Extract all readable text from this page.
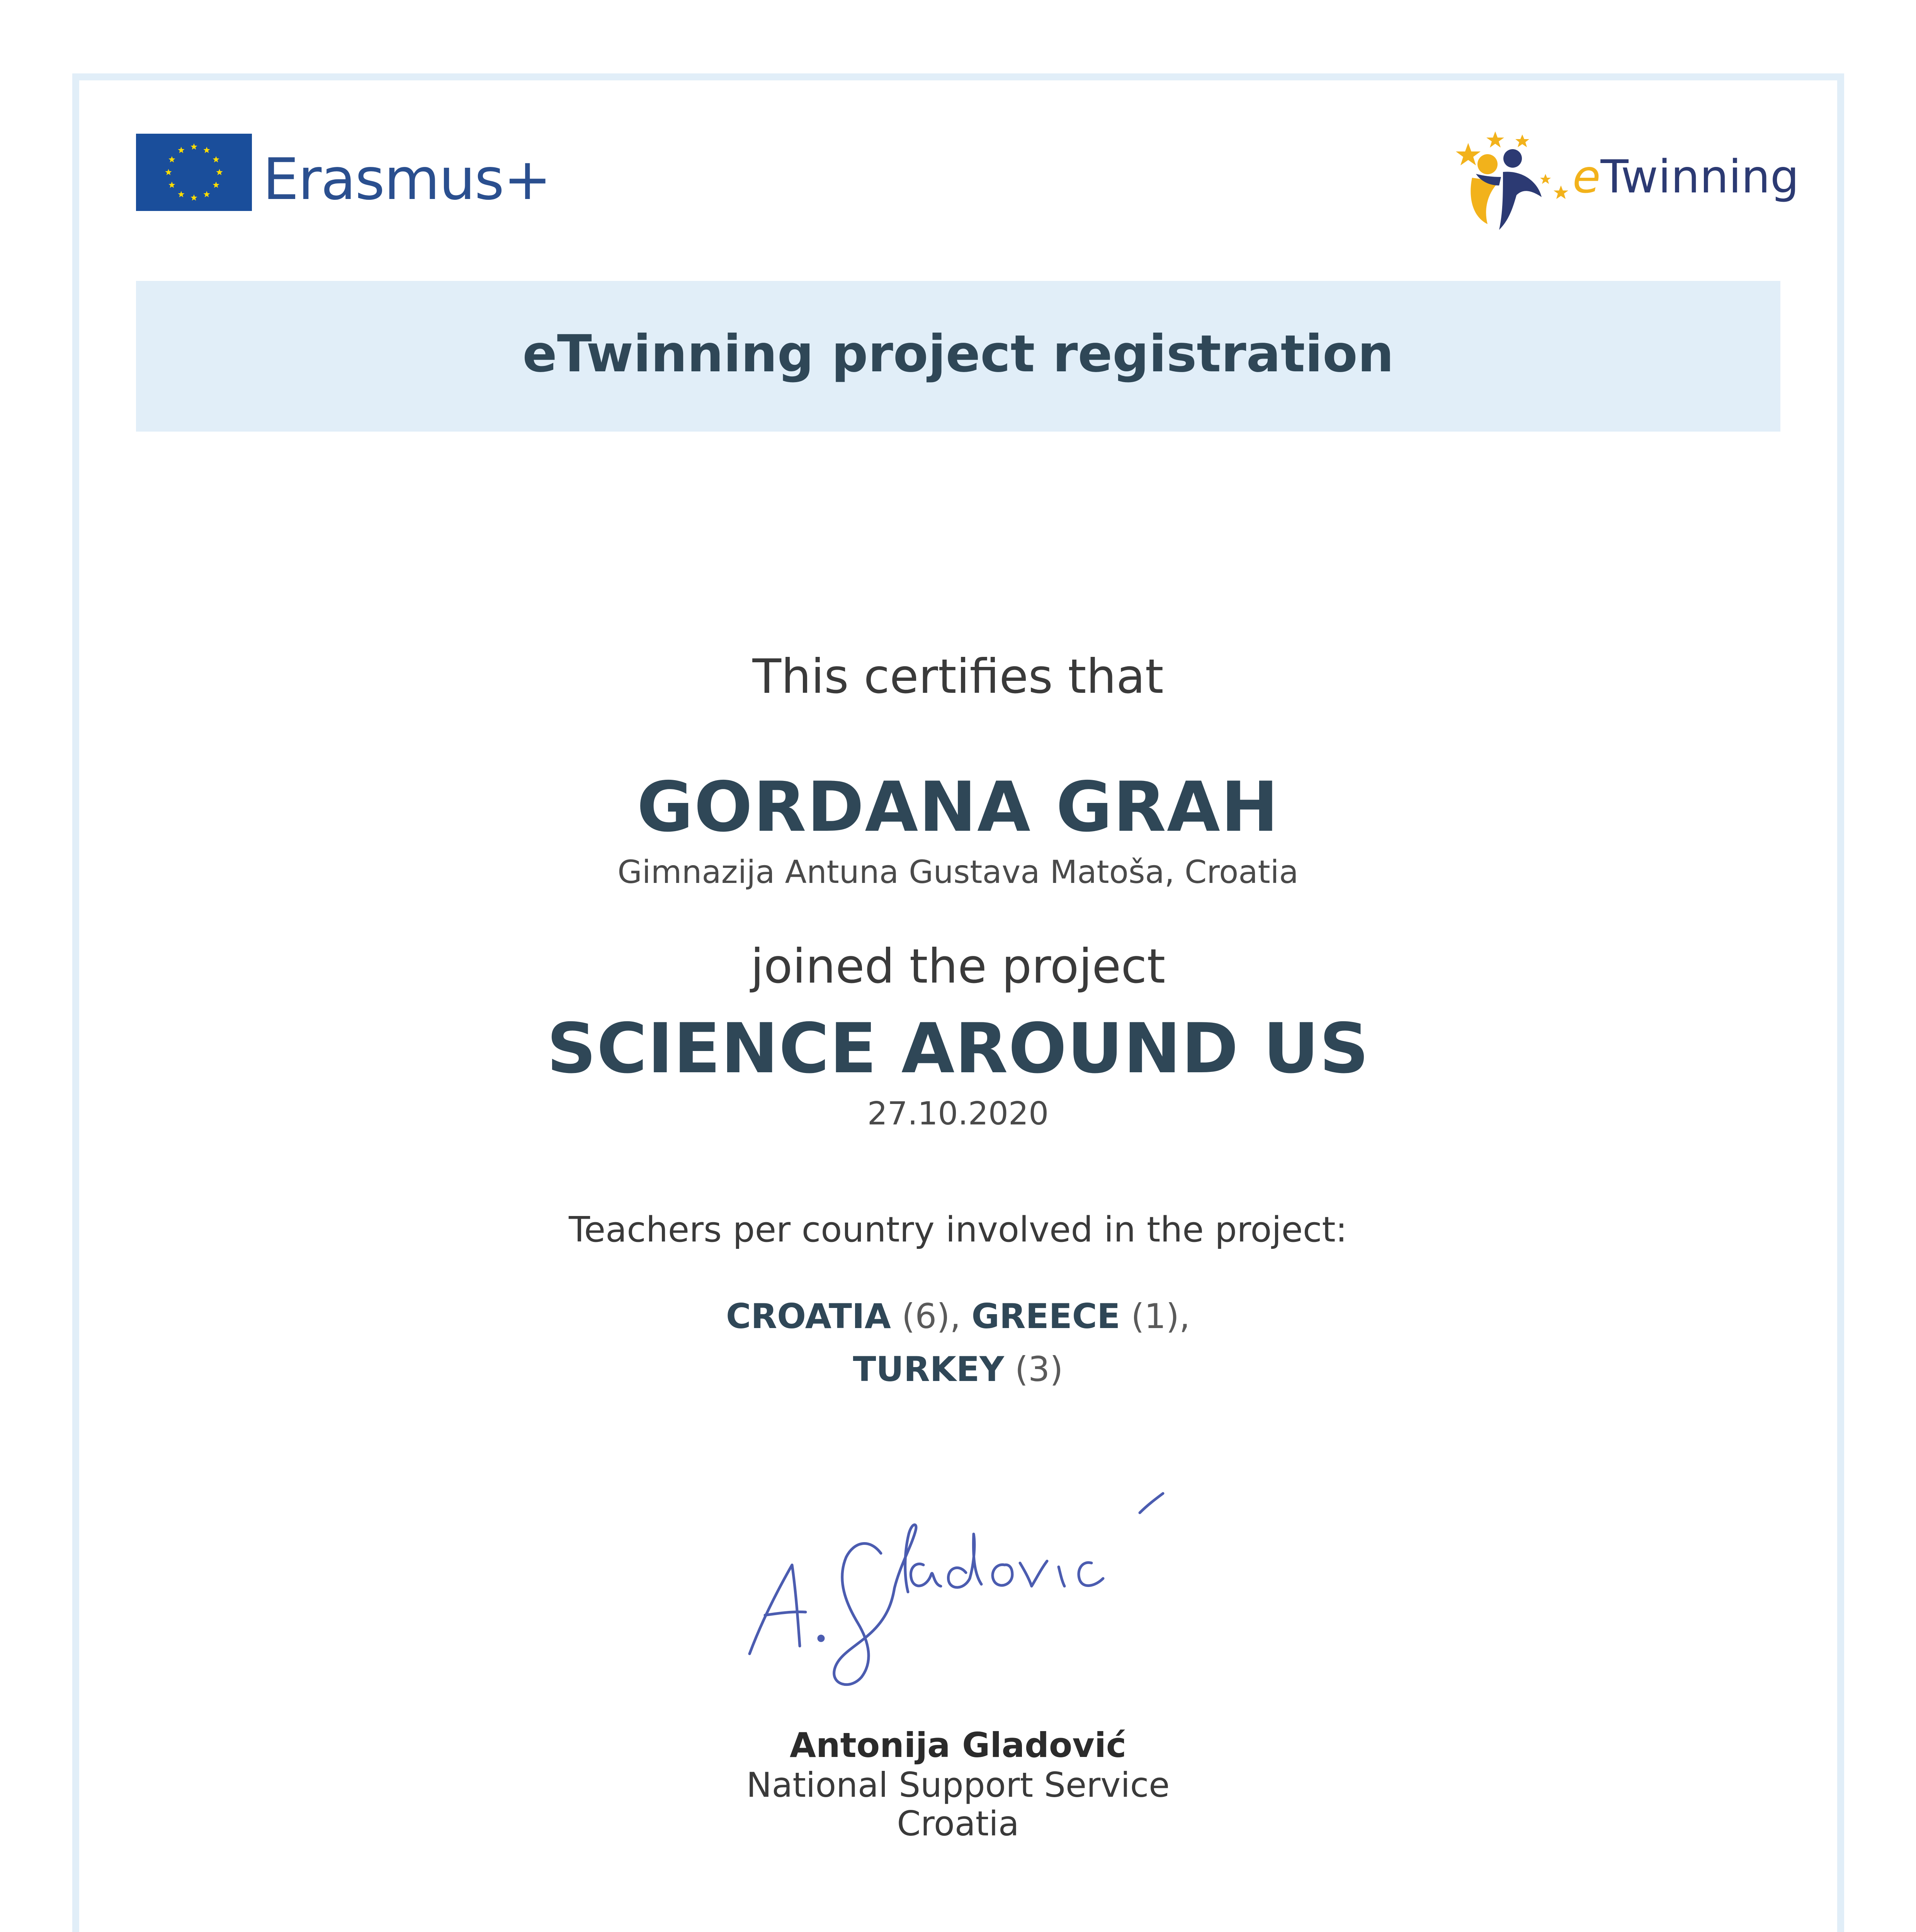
Erasmus+	eTwinning
eTwinning project registration
This certifies that
GORDANA GRAH
Gimnazija Antuna Gustava Matoša, Croatia
joined the project
SCIENCE AROUND US
27.10.2020
Teachers per country involved in the project:
CROATIA (6), GREECE (1),
TURKEY (3)
Antonija Gladović
National Support Service
Croatia
